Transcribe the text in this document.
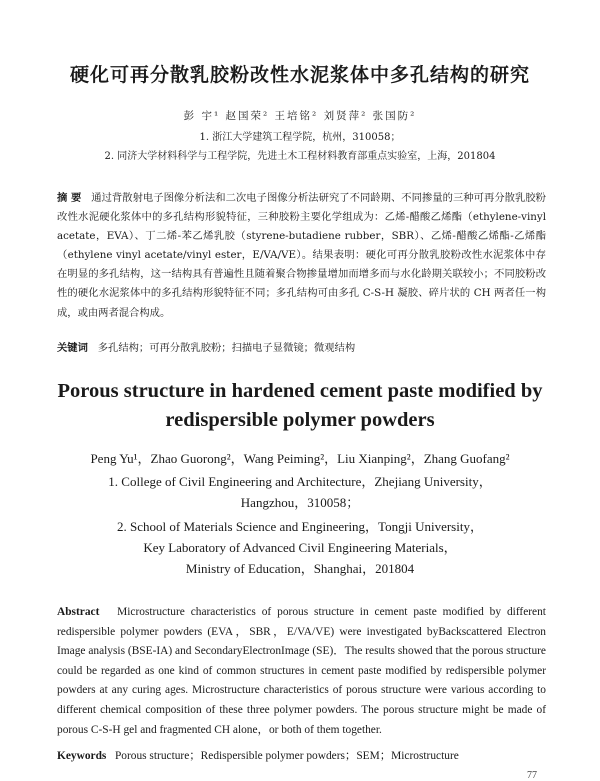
硬化可再分散乳胶粉改性水泥浆体中多孔结构的研究
彭 宇¹ 赵国荣² 王培铭² 刘贤萍² 张国防²
1. 浙江大学建筑工程学院，杭州，310058；
2. 同济大学材料科学与工程学院，先进土木工程材料教育部重点实验室，上海，201804
摘 要 通过背散射电子图像分析法和二次电子图像分析法研究了不同龄期、不同掺量的三种可再分散乳胶粉改性水泥硬化浆体中的多孔结构形貌特征，三种胶粉主要化学组成为：乙烯-醋酸乙烯酯（ethylene-vinyl acetate，EVA）、丁二烯-苯乙烯乳胶（styrene-butadiene rubber，SBR）、乙烯-醋酸乙烯酯-乙烯酯（ethylene vinyl acetate/vinyl ester，E/VA/VE）。结果表明：硬化可再分散乳胶粉改性水泥浆体中存在明显的多孔结构，这一结构具有普遍性且随着聚合物掺量增加而增多而与水化龄期关联较小；不同胶粉改性的硬化水泥浆体中的多孔结构形貌特征不同；多孔结构可由多孔 C-S-H 凝胶、碎片状的 CH 两者任一构成，或由两者混合构成。
关键词 多孔结构；可再分散乳胶粉；扫描电子显微镜；微观结构
Porous structure in hardened cement paste modified by redispersible polymer powders
Peng Yu¹，Zhao Guorong²，Wang Peiming²，Liu Xianping²，Zhang Guofang²
1. College of Civil Engineering and Architecture，Zhejiang University，
Hangzhou，310058；
2. School of Materials Science and Engineering，Tongji University，
Key Laboratory of Advanced Civil Engineering Materials，
Ministry of Education，Shanghai，201804
Abstract Microstructure characteristics of porous structure in cement paste modified by different redispersible polymer powders (EVA，SBR，E/VA/VE) were investigated byBackscattered Electron Image analysis (BSE-IA) and SecondaryElectronImage (SE)．The results showed that the porous structure could be regarded as one kind of common structures in cement paste modified by redispersible polymer powders at any curing ages. Microstructure characteristics of porous structure were various according to different chemical composition of these three polymer powders. The porous structure might be made of porous C-S-H gel and fragmented CH alone，or both of them together.
Keywords Porous structure；Redispersible polymer powders；SEM；Microstructure
77
